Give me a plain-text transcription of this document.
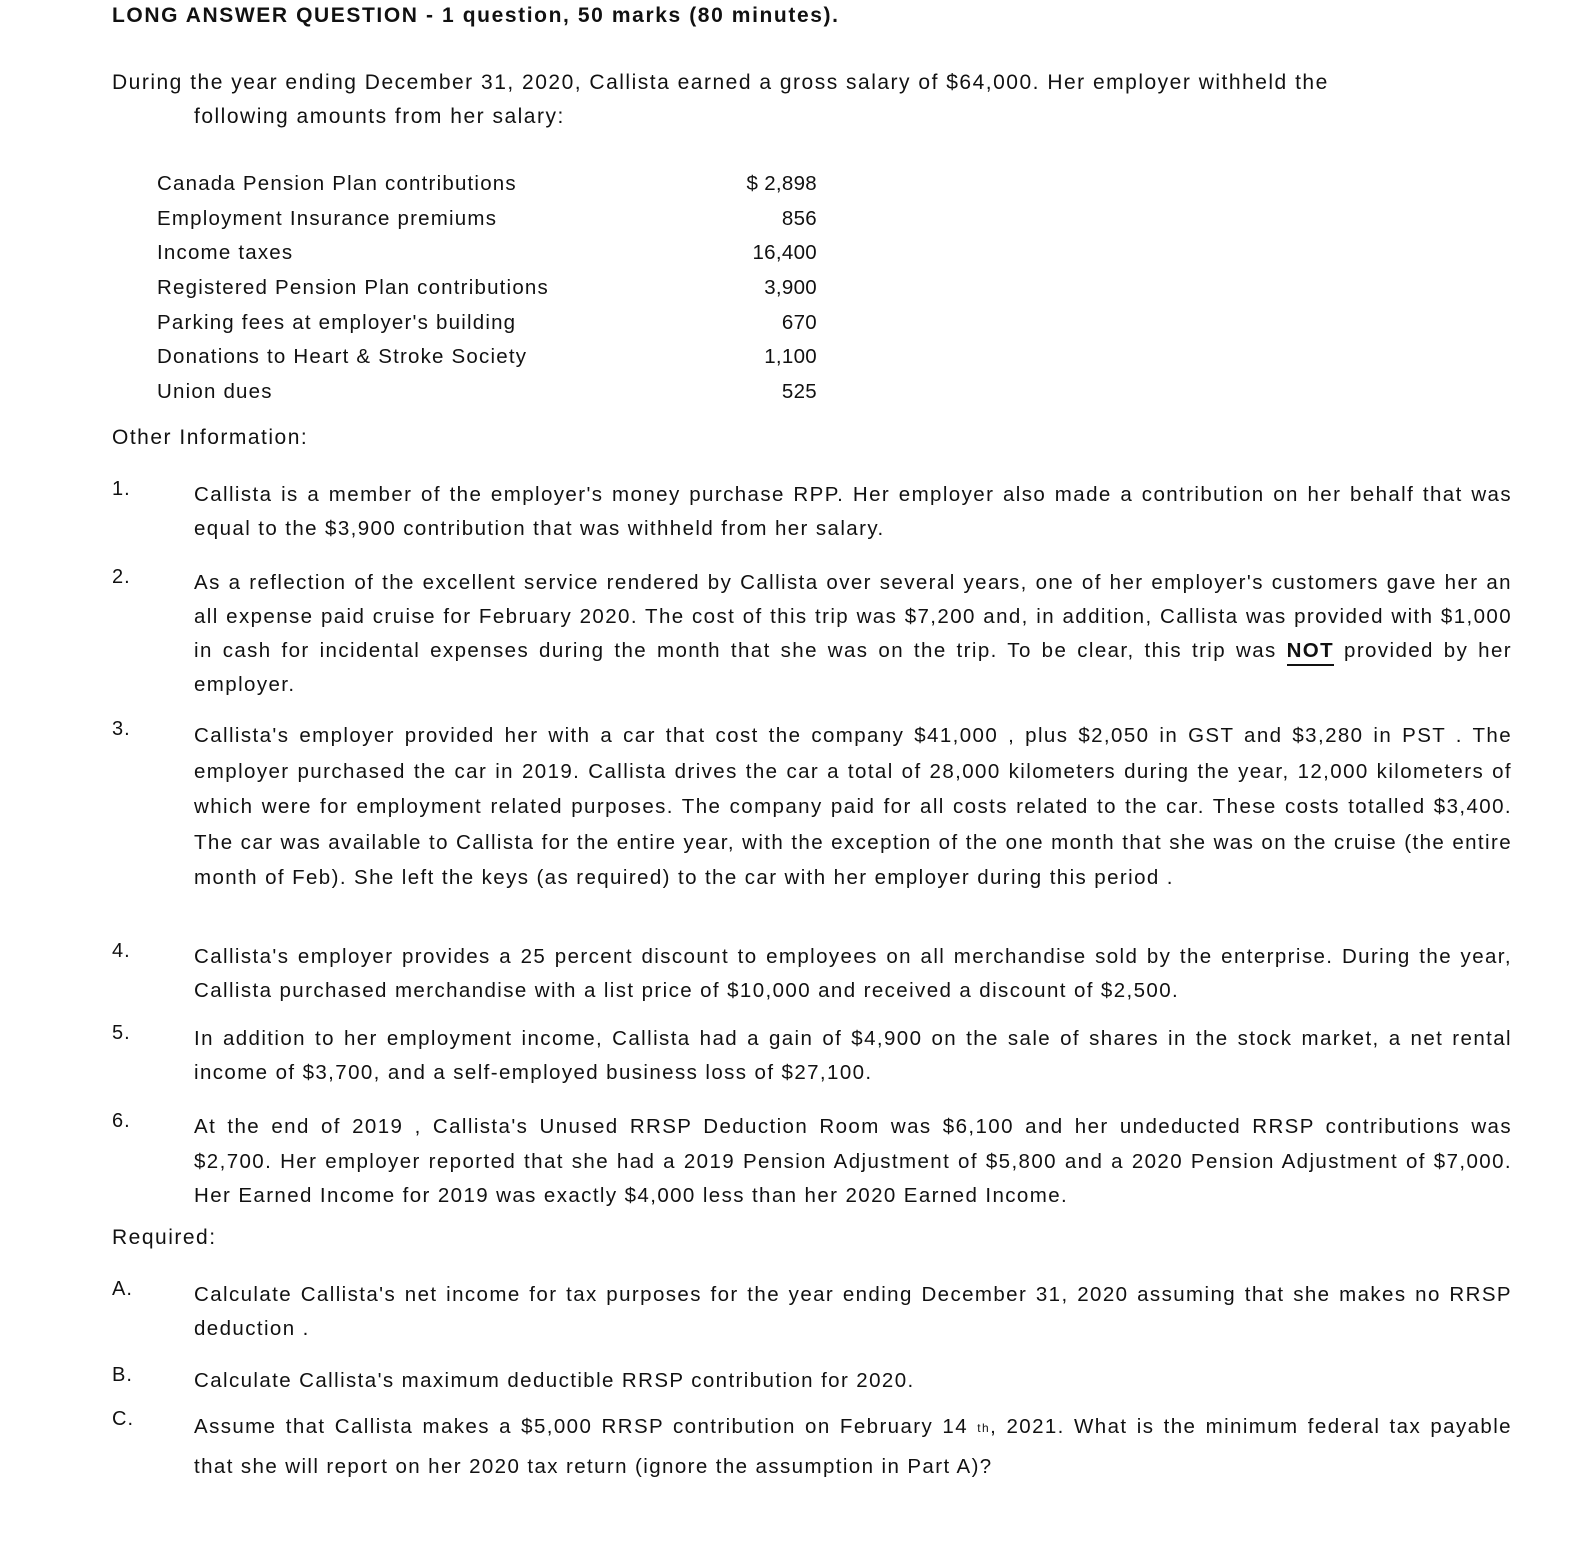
LONG ANSWER QUESTION - 1 question, 50 marks (80 minutes).
During the year ending December 31, 2020, Callista earned a gross salary of $64,000. Her employer withheld the
following amounts from her salary:
Canada Pension Plan contributions	$ 2,898
Employment Insurance premiums	856
Income taxes	16,400
Registered Pension Plan contributions	3,900
Parking fees at employer's building	670
Donations to Heart & Stroke Society	1,100
Union dues	525
Other Information:
1.	Callista is a member of the employer's money purchase RPP. Her employer also made a contribution on her behalf that was equal to the $3,900 contribution that was withheld from her salary.
2.	As a reflection of the excellent service rendered by Callista over several years, one of her employer's customers gave her an all expense paid cruise for February 2020. The cost of this trip was $7,200 and, in addition, Callista was provided with $1,000 in cash for incidental expenses during the month that she was on the trip. To be clear, this trip was NOT provided by her employer.
3.	Callista's employer provided her with a car that cost the company $41,000 , plus $2,050 in GST and $3,280 in PST . The employer purchased the car in 2019. Callista drives the car a total of 28,000 kilometers during the year, 12,000 kilometers of which were for employment related purposes. The company paid for all costs related to the car. These costs totalled $3,400. The car was available to Callista for the entire year, with the exception of the one month that she was on the cruise (the entire month of Feb). She left the keys (as required) to the car with her employer during this period .
4.	Callista's employer provides a 25 percent discount to employees on all merchandise sold by the enterprise. During the year, Callista purchased merchandise with a list price of $10,000 and received a discount of $2,500.
5.	In addition to her employment income, Callista had a gain of $4,900 on the sale of shares in the stock market, a net rental income of $3,700, and a self-employed business loss of $27,100.
6.	At the end of 2019 , Callista's Unused RRSP Deduction Room was $6,100 and her undeducted RRSP contributions was $2,700. Her employer reported that she had a 2019 Pension Adjustment of $5,800 and a 2020 Pension Adjustment of $7,000. Her Earned Income for 2019 was exactly $4,000 less than her 2020 Earned Income.
Required:
A.	Calculate Callista's net income for tax purposes for the year ending December 31, 2020 assuming that she makes no RRSP deduction .
B.	Calculate Callista's maximum deductible RRSP contribution for 2020.
C.	Assume that Callista makes a $5,000 RRSP contribution on February 14 $^{th}$, 2021. What is the minimum federal tax payable that she will report on her 2020 tax return (ignore the assumption in Part A)?
